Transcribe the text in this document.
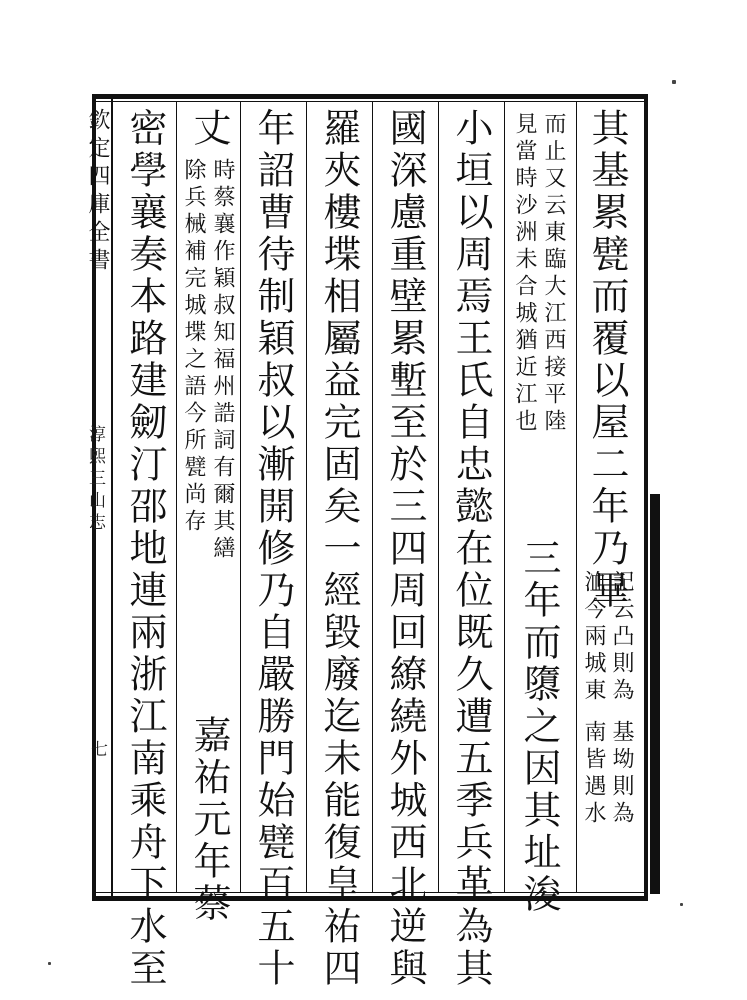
欽定四庫全書
淳熙三山志
七
其基累甓而覆以屋二年乃畢
記云凸則為
洫今兩城東
基坳則為
南皆遇水
而止又云東臨大江西接平陸
見當時沙洲未合城猶近江也
三年而隳之因其址浚
小垣以周焉王氏自忠懿在位既久遭五季兵革為其
國深慮重壁累塹至於三四周回繚繞外城西北逆與
羅夾樓堞相屬益完固矣一經毀廢迄未能復皇祐四
年詔曹待制穎叔以漸開修乃自嚴勝門始甓百五十
丈
時蔡襄作穎叔知福州誥詞有爾其繕
除兵械補完城堞之語今所甓尚存
嘉祐元年蔡
密學襄奏本路建劒汀邵地連兩浙江南乘舟下水至
